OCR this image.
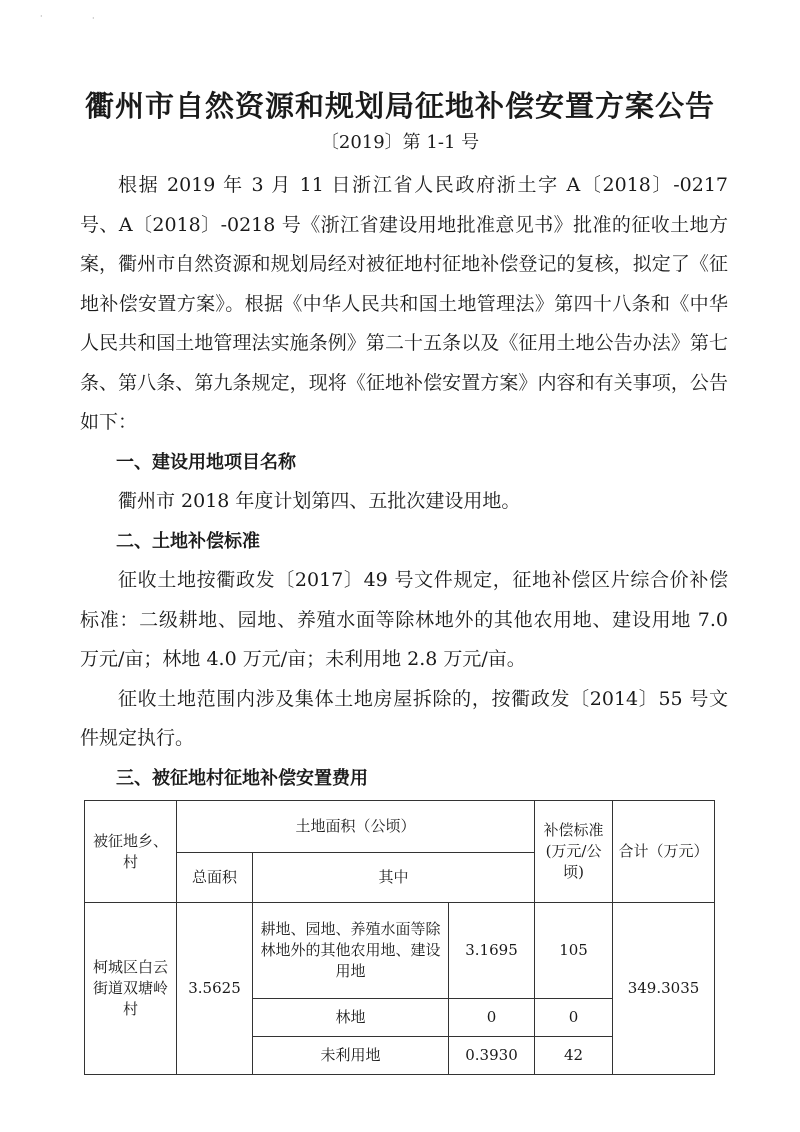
·	·
衢州市自然资源和规划局征地补偿安置方案公告
〔2019〕第 1-1 号

根据 2019 年 3 月 11 日浙江省人民政府浙土字 A〔2018〕-0217 号、A〔2018〕-0218 号《浙江省建设用地批准意见书》批准的征收土地方案，衢州市自然资源和规划局经对被征地村征地补偿登记的复核，拟定了《征地补偿安置方案》。根据《中华人民共和国土地管理法》第四十八条和《中华人民共和国土地管理法实施条例》第二十五条以及《征用土地公告办法》第七条、第八条、第九条规定，现将《征地补偿安置方案》内容和有关事项，公告如下：

一、建设用地项目名称

衢州市 2018 年度计划第四、五批次建设用地。

二、土地补偿标准

征收土地按衢政发〔2017〕49 号文件规定，征地补偿区片综合价补偿标准：二级耕地、园地、养殖水面等除林地外的其他农用地、建设用地 7.0 万元/亩；林地 4.0 万元/亩；未利用地 2.8 万元/亩。

征收土地范围内涉及集体土地房屋拆除的，按衢政发〔2014〕55 号文件规定执行。

三、被征地村征地补偿安置费用
被征地乡、村	土地面积（公顷）			补偿标准(万元/公顷)	合计（万元）
	总面积	其中			
柯城区白云街道双塘岭村	3.5625	耕地、园地、养殖水面等除林地外的其他农用地、建设用地	3.1695	105	349.3035
		林地	0	0	
		未利用地	0.3930	42	
